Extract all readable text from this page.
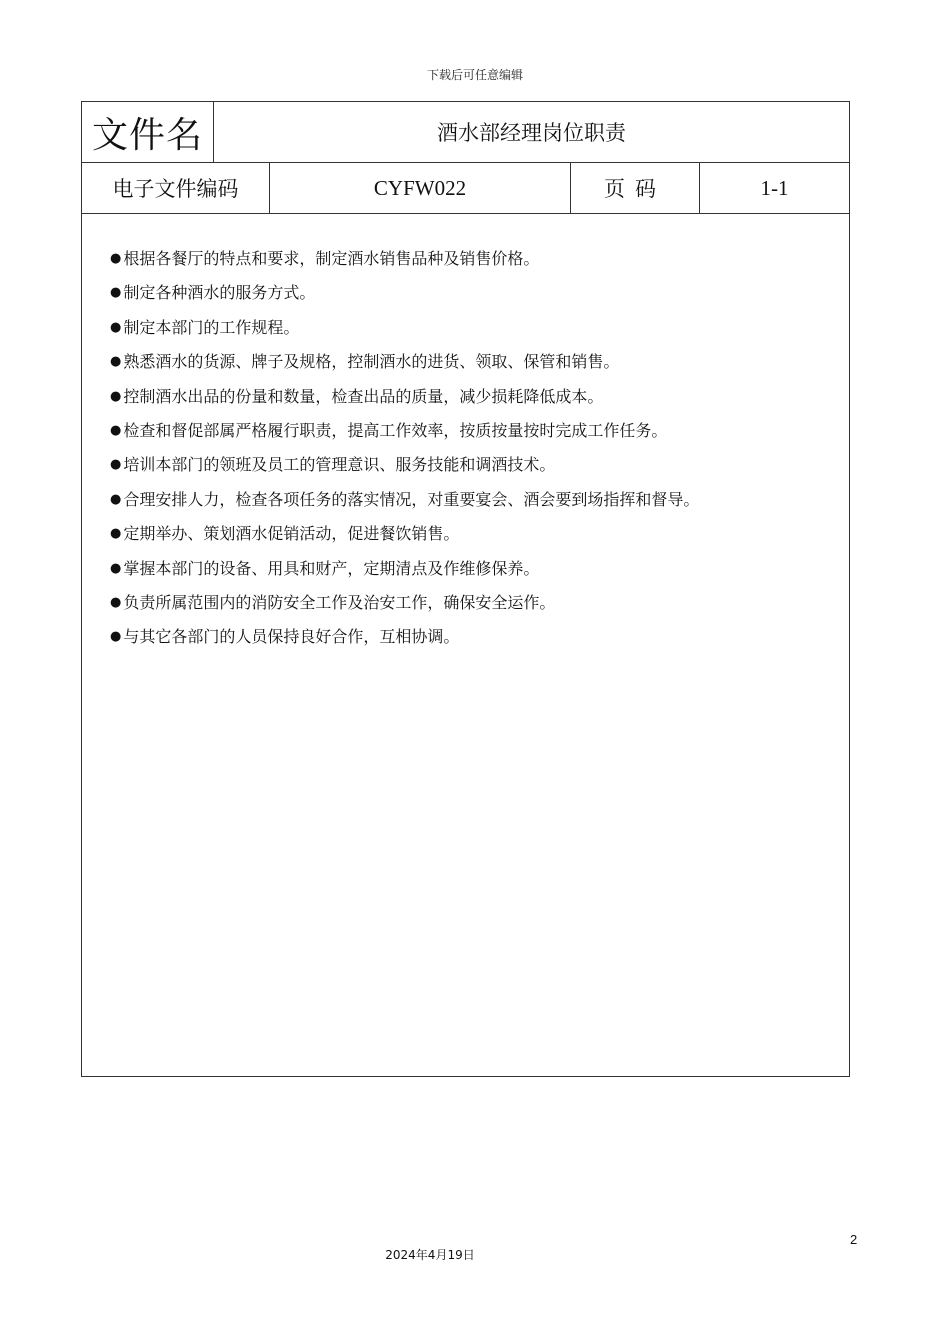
下载后可任意编辑
文件名	酒水部经理岗位职责
电子文件编码	CYFW022	页码	1-1
● 根据各餐厅的特点和要求，制定酒水销售品种及销售价格。
● 制定各种酒水的服务方式。
● 制定本部门的工作规程。
● 熟悉酒水的货源、牌子及规格，控制酒水的进货、领取、保管和销售。
● 控制酒水出品的份量和数量，检查出品的质量，减少损耗降低成本。
● 检查和督促部属严格履行职责，提高工作效率，按质按量按时完成工作任务。
● 培训本部门的领班及员工的管理意识、服务技能和调酒技术。
● 合理安排人力，检查各项任务的落实情况，对重要宴会、酒会要到场指挥和督导。
● 定期举办、策划酒水促销活动，促进餐饮销售。
● 掌握本部门的设备、用具和财产，定期清点及作维修保养。
● 负责所属范围内的消防安全工作及治安工作，确保安全运作。
● 与其它各部门的人员保持良好合作，互相协调。
2
2024年4月19日
